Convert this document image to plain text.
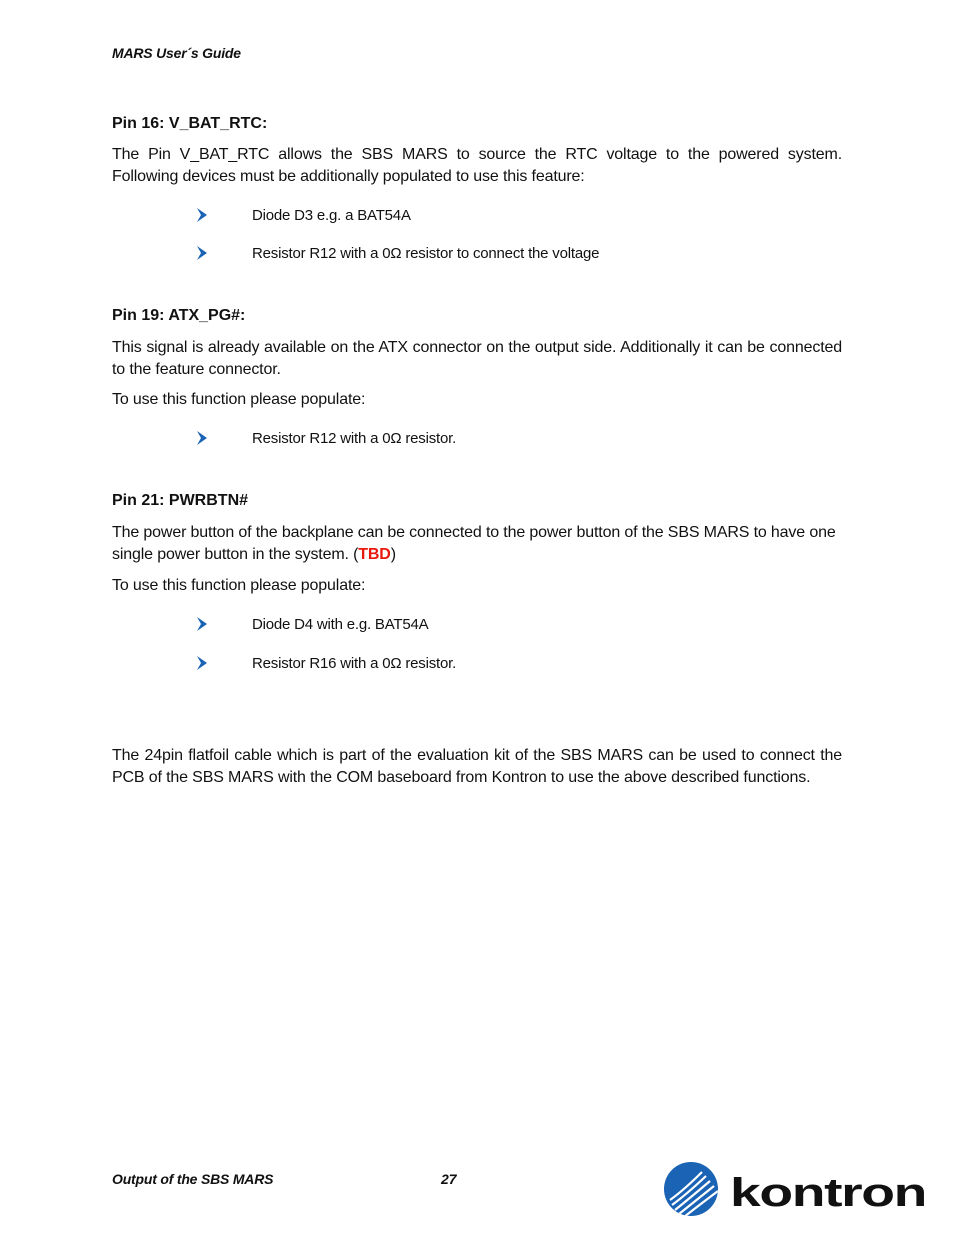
MARS User´s Guide
Pin 16: V_BAT_RTC:
The Pin V_BAT_RTC allows the SBS MARS to source the RTC voltage to the powered system. Following devices must be additionally populated to use this feature:
Diode D3 e.g. a BAT54A
Resistor R12 with a 0Ω resistor to connect the voltage
Pin 19: ATX_PG#:
This signal is already available on the ATX connector on the output side. Additionally it can be connected to the feature connector.
To use this function please populate:
Resistor R12 with a 0Ω resistor.
Pin 21: PWRBTN#
The power button of the backplane can be connected to the power button of the SBS MARS to have one single power button in the system. (TBD)
To use this function please populate:
Diode D4 with e.g. BAT54A
Resistor R16 with a 0Ω resistor.
The 24pin flatfoil cable which is part of the evaluation kit of the SBS MARS can be used to connect the PCB of the SBS MARS with the COM baseboard from Kontron to use the above described functions.
Output of the SBS MARS	27	kontron
